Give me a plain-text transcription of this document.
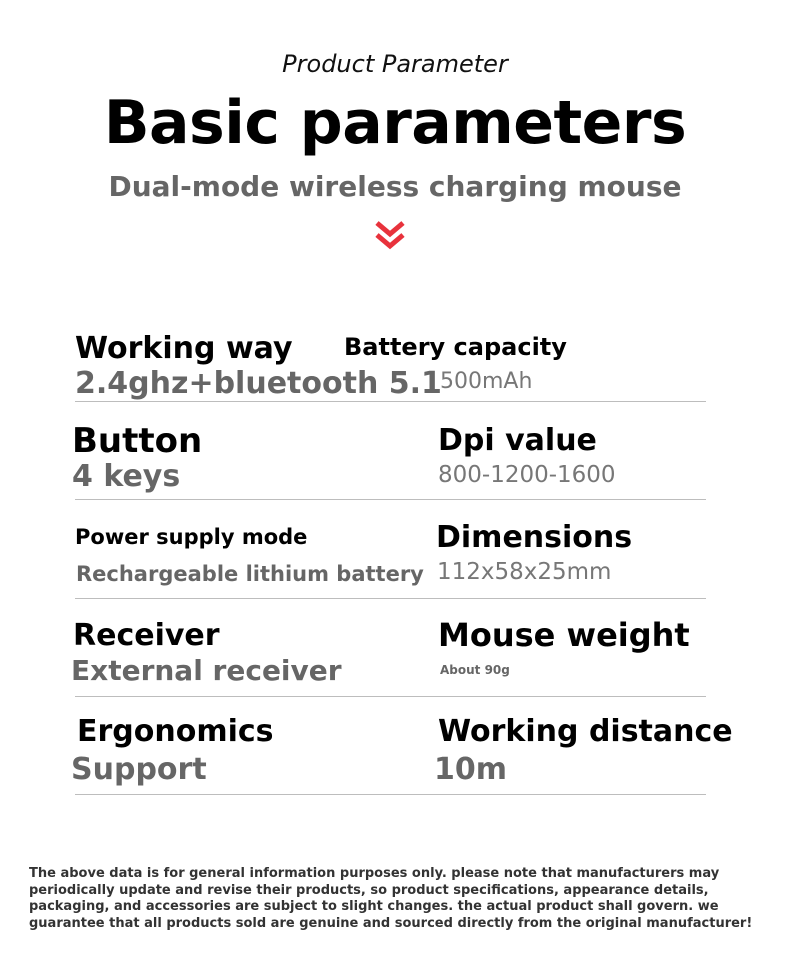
Product Parameter
Basic parameters
Dual-mode wireless charging mouse
Working way
2.4ghz+bluetooth 5.1
Battery capacity
500mAh
Button
4 keys
Dpi value
800-1200-1600
Power supply mode
Rechargeable lithium battery
Dimensions
112x58x25mm
Receiver
External receiver
Mouse weight
About 90g
Ergonomics
Support
Working distance
10m

The above data is for general information purposes only. please note that manufacturers may periodically update and revise their products, so product specifications, appearance details, packaging, and accessories are subject to slight changes. the actual product shall govern. we guarantee that all products sold are genuine and sourced directly from the original manufacturer!
